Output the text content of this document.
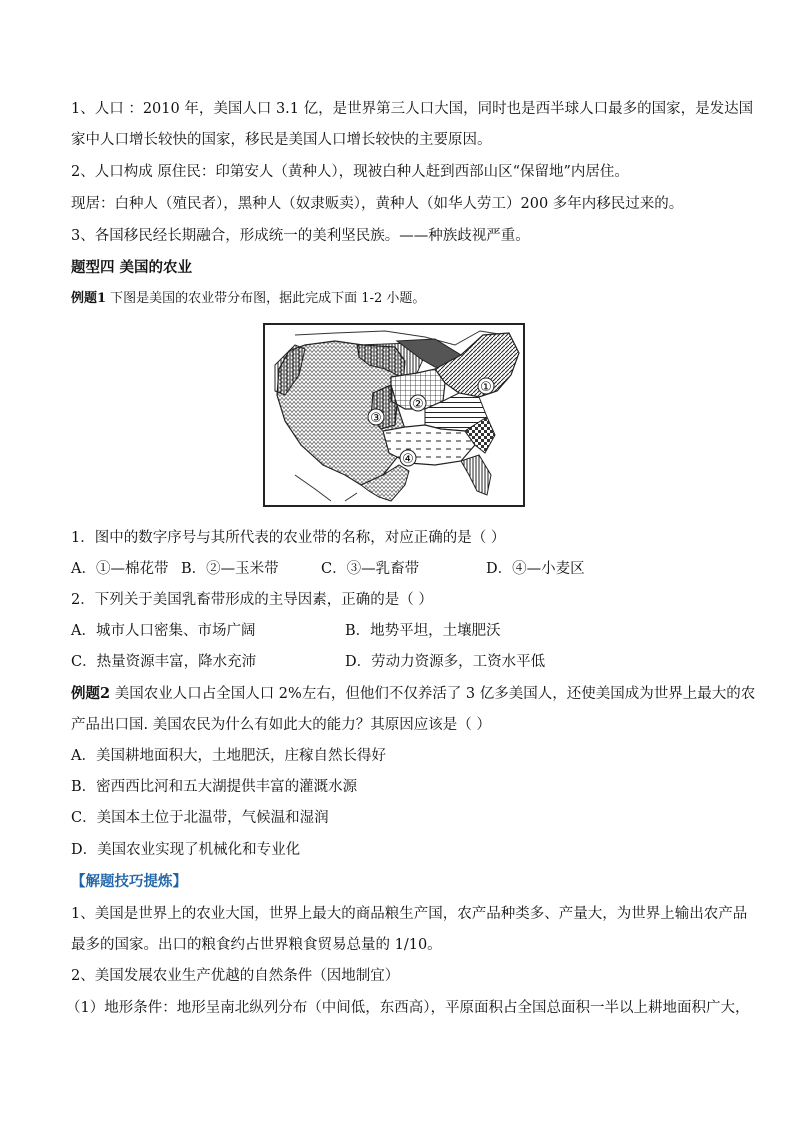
1、人口 ：2010 年，美国人口 3.1 亿，是世界第三人口大国，同时也是西半球人口最多的国家，是发达国
家中人口增长较快的国家，移民是美国人口增长较快的主要原因。
2、人口构成 原住民：印第安人（黄种人），现被白种人赶到西部山区“保留地”内居住。
现居：白种人（殖民者），黑种人（奴隶贩卖），黄种人（如华人劳工）200 多年内移民过来的。
3、各国移民经长期融合，形成统一的美利坚民族。——种族歧视严重。
题型四 美国的农业
例题1 下图是美国的农业带分布图，据此完成下面 1-2 小题。
①
②
③
④
1．图中的数字序号与其所代表的农业带的名称，对应正确的是（ ）
A．①—棉花带 B．②—玉米带	C．③—乳畜带	D．④—小麦区
2．下列关于美国乳畜带形成的主导因素，正确的是（ ）
A．城市人口密集、市场广阔	B．地势平坦，土壤肥沃
C．热量资源丰富，降水充沛	D．劳动力资源多，工资水平低
例题2 美国农业人口占全国人口 2%左右，但他们不仅养活了 3 亿多美国人，还使美国成为世界上最大的农
产品出口国. 美国农民为什么有如此大的能力？其原因应该是（ ）
A．美国耕地面积大，土地肥沃，庄稼自然长得好
B．密西西比河和五大湖提供丰富的灌溉水源
C．美国本土位于北温带，气候温和湿润
D．美国农业实现了机械化和专业化
【解题技巧提炼】
1、美国是世界上的农业大国，世界上最大的商品粮生产国，农产品种类多、产量大，为世界上输出农产品
最多的国家。出口的粮食约占世界粮食贸易总量的 1/10。
2、美国发展农业生产优越的自然条件（因地制宜）
（1）地形条件：地形呈南北纵列分布（中间低，东西高），平原面积占全国总面积一半以上耕地面积广大，
